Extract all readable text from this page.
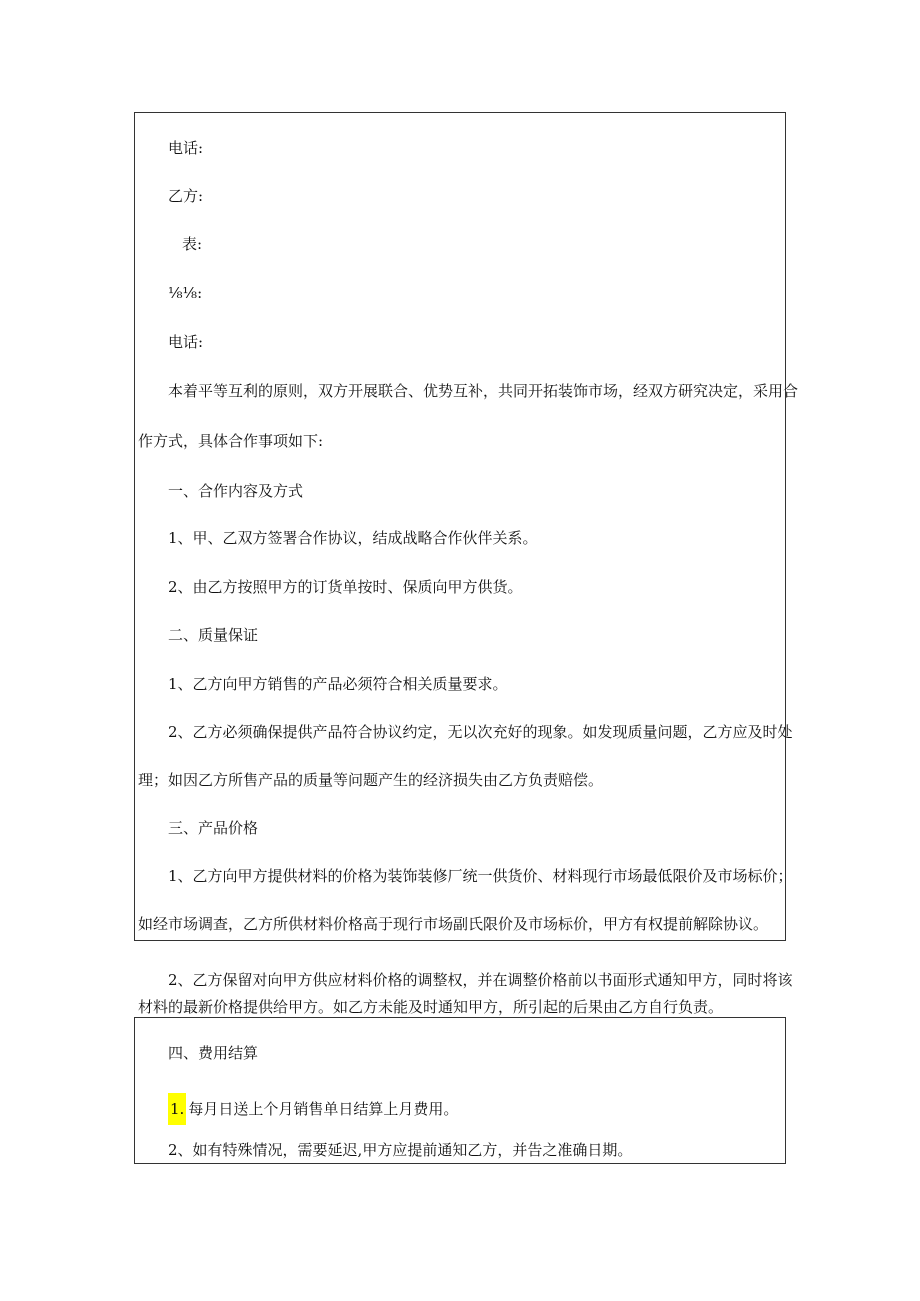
电话:
乙方:
表:
⅛⅛:
电话:
本着平等互利的原则，双方开展联合、优势互补，共同开拓装饰市场，经双方研究决定，采用合
作方式，具体合作事项如下:
一、合作内容及方式
1、甲、乙双方签署合作协议，结成战略合作伙伴关系。
2、由乙方按照甲方的订货单按时、保质向甲方供货。
二、质量保证
1、乙方向甲方销售的产品必须符合相关质量要求。
2、乙方必须确保提供产品符合协议约定，无以次充好的现象。如发现质量问题，乙方应及时处
理；如因乙方所售产品的质量等问题产生的经济损失由乙方负责赔偿。
三、产品价格
1、乙方向甲方提供材料的价格为装饰装修厂统一供货价、材料现行市场最低限价及市场标价；
如经市场调查，乙方所供材料价格高于现行市场副氏限价及市场标价，甲方有权提前解除协议。
2、乙方保留对向甲方供应材料价格的调整权，并在调整价格前以书面形式通知甲方，同时将该
材料的最新价格提供给甲方。如乙方未能及时通知甲方，所引起的后果由乙方自行负责。
四、费用结算
1. 每月日送上个月销售单日结算上月费用。
2、如有特殊情况，需要延迟,甲方应提前通知乙方，并告之准确日期。
